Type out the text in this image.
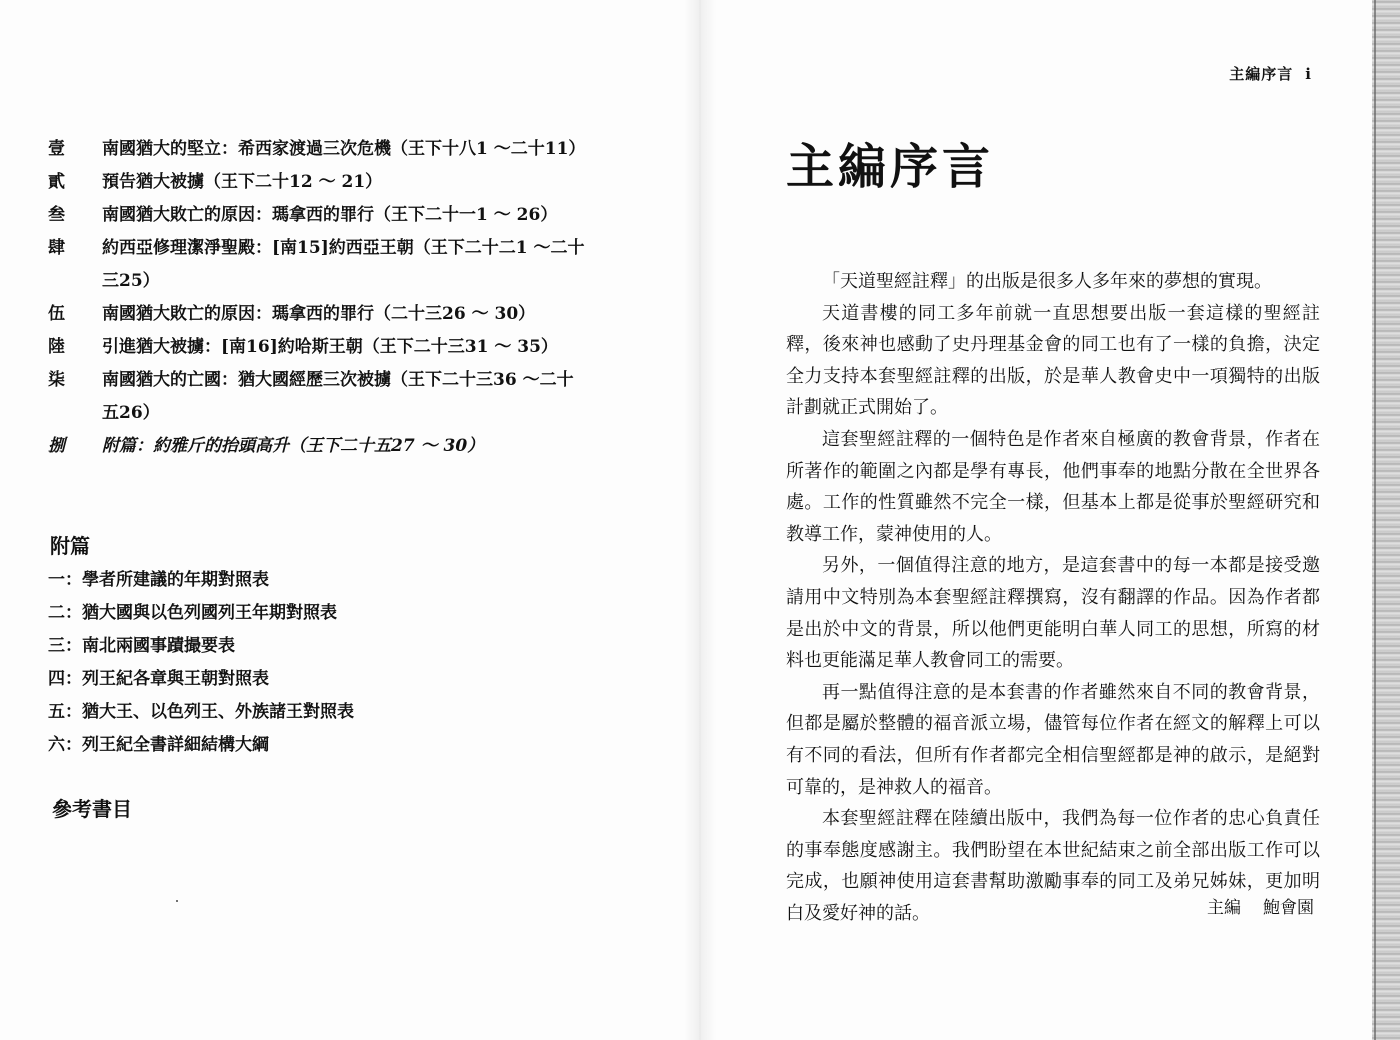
壹	南國猶大的堅立：希西家渡過三次危機（王下十八1 ～二十11）
貳	預告猶大被擄（王下二十12 ～ 21）
叁	南國猶大敗亡的原因：瑪拿西的罪行（王下二十一1 ～ 26）
肆	約西亞修理潔淨聖殿：[南15]約西亞王朝（王下二十二1 ～二十三25）
伍	南國猶大敗亡的原因：瑪拿西的罪行（二十三26 ～ 30）
陸	引進猶大被擄：[南16]約哈斯王朝（王下二十三31 ～ 35）
柒	南國猶大的亡國：猶大國經歷三次被擄（王下二十三36 ～二十五26）
捌	附篇：約雅斤的抬頭高升（王下二十五27 ～ 30）
附篇
一：學者所建議的年期對照表
二：猶大國與以色列國列王年期對照表
三：南北兩國事蹟撮要表
四：列王紀各章與王朝對照表
五：猶大王、以色列王、外族諸王對照表
六：列王紀全書詳細結構大綱
參考書目
主編序言 i
主編序言

「天道聖經註釋」的出版是很多人多年來的夢想的實現。

天道書樓的同工多年前就一直思想要出版一套這樣的聖經註釋，後來神也感動了史丹理基金會的同工也有了一樣的負擔，決定全力支持本套聖經註釋的出版，於是華人教會史中一項獨特的出版計劃就正式開始了。

這套聖經註釋的一個特色是作者來自極廣的教會背景，作者在所著作的範圍之內都是學有專長，他們事奉的地點分散在全世界各處。工作的性質雖然不完全一樣，但基本上都是從事於聖經研究和教導工作，蒙神使用的人。

另外，一個值得注意的地方，是這套書中的每一本都是接受邀請用中文特別為本套聖經註釋撰寫，沒有翻譯的作品。因為作者都是出於中文的背景，所以他們更能明白華人同工的思想，所寫的材料也更能滿足華人教會同工的需要。

再一點值得注意的是本套書的作者雖然來自不同的教會背景，但都是屬於整體的福音派立場，儘管每位作者在經文的解釋上可以有不同的看法，但所有作者都完全相信聖經都是神的啟示，是絕對可靠的，是神救人的福音。

本套聖經註釋在陸續出版中，我們為每一位作者的忠心負責任的事奉態度感謝主。我們盼望在本世紀結束之前全部出版工作可以完成，也願神使用這套書幫助激勵事奉的同工及弟兄姊妹，更加明白及愛好神的話。	主編 鮑會園
